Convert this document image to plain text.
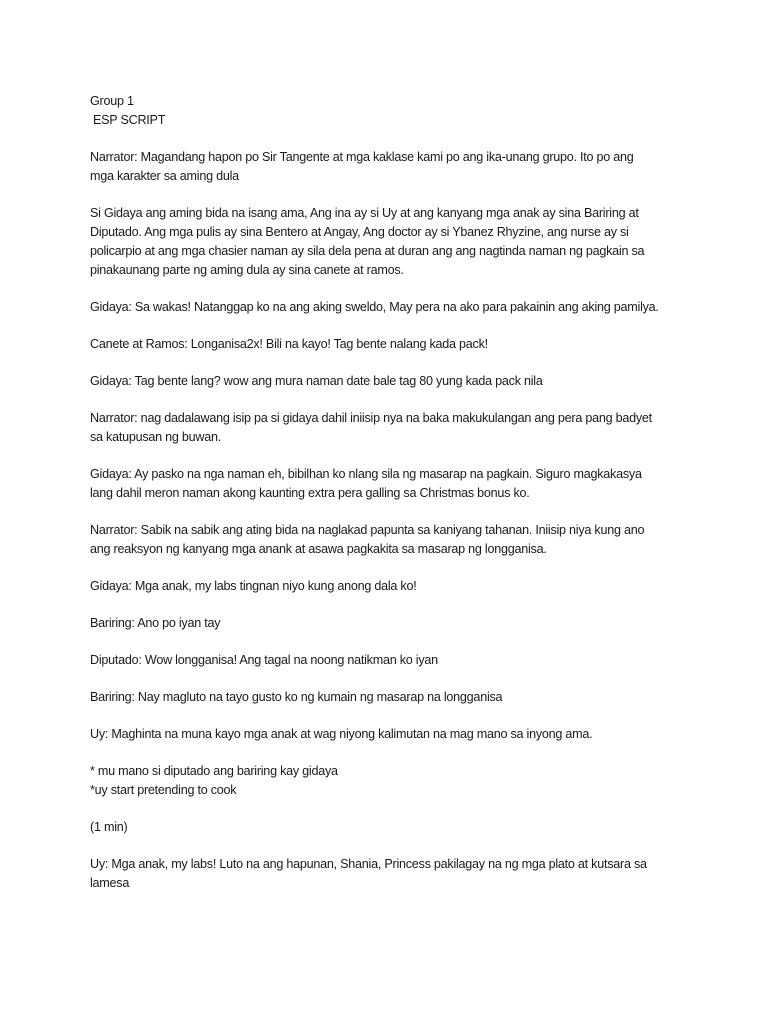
Group 1
ESP SCRIPT
Narrator: Magandang hapon po Sir Tangente at mga kaklase kami po ang ika-unang grupo. Ito po ang
mga karakter sa aming dula
Si Gidaya ang aming bida na isang ama, Ang ina ay si Uy at ang kanyang mga anak ay sina Bariring at
Diputado. Ang mga pulis ay sina Bentero at Angay, Ang doctor ay si Ybanez Rhyzine, ang nurse ay si
policarpio at ang mga chasier naman ay sila dela pena at duran ang ang nagtinda naman ng pagkain sa
pinakaunang parte ng aming dula ay sina canete at ramos.
Gidaya: Sa wakas! Natanggap ko na ang aking sweldo, May pera na ako para pakainin ang aking pamilya.
Canete at Ramos: Longanisa2x! Bili na kayo! Tag bente nalang kada pack!
Gidaya: Tag bente lang? wow ang mura naman date bale tag 80 yung kada pack nila
Narrator: nag dadalawang isip pa si gidaya dahil iniisip nya na baka makukulangan ang pera pang badyet
sa katupusan ng buwan.
Gidaya: Ay pasko na nga naman eh, bibilhan ko nlang sila ng masarap na pagkain. Siguro magkakasya
lang dahil meron naman akong kaunting extra pera galling sa Christmas bonus ko.
Narrator: Sabik na sabik ang ating bida na naglakad papunta sa kaniyang tahanan. Iniisip niya kung ano
ang reaksyon ng kanyang mga anank at asawa pagkakita sa masarap ng longganisa.
Gidaya: Mga anak, my labs tingnan niyo kung anong dala ko!
Bariring: Ano po iyan tay
Diputado: Wow longganisa! Ang tagal na noong natikman ko iyan
Bariring: Nay magluto na tayo gusto ko ng kumain ng masarap na longganisa
Uy: Maghinta na muna kayo mga anak at wag niyong kalimutan na mag mano sa inyong ama.
* mu mano si diputado ang bariring kay gidaya
*uy start pretending to cook
(1 min)
Uy: Mga anak, my labs! Luto na ang hapunan, Shania, Princess pakilagay na ng mga plato at kutsara sa
lamesa
